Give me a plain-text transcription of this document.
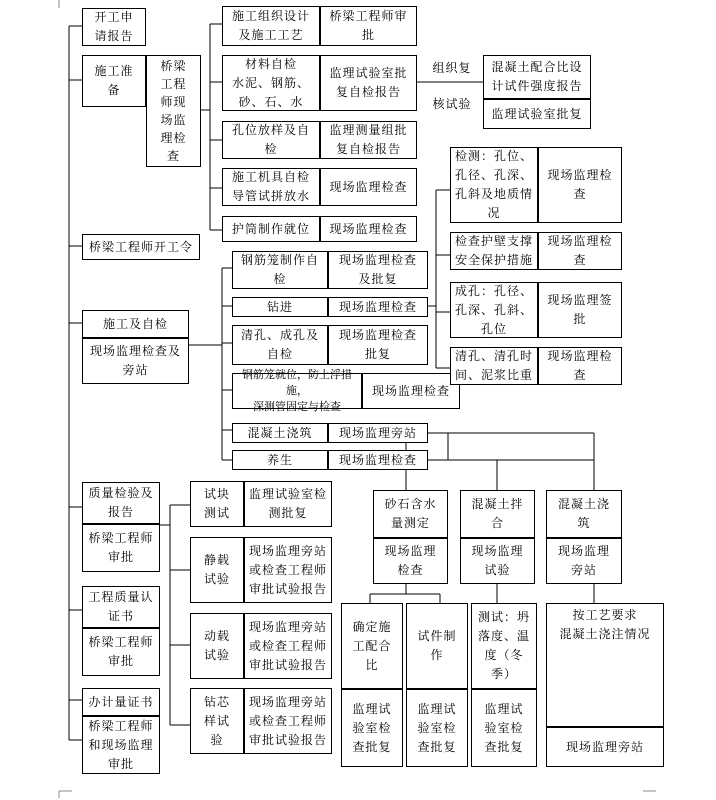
开工申
请报告
施工准
备
桥梁
工程
师现
场监
理检
查
桥梁工程师开工令
施工及自检
现场监理检查及
旁站
质量检验及
报告
桥梁工程师
审批
工程质量认
证书
桥梁工程师
审批
办计量证书
桥梁工程师
和现场监理
审批
施工组织设计
及施工工艺
桥梁工程师审
批
材料自检
水泥、钢筋、
砂、石、水
监理试验室批
复自检报告
组织复
核试验
混凝土配合比设
计试件强度报告
监理试验室批复
孔位放样及自
检
监理测量组批
复自检报告
施工机具自检
导管试拼放水
现场监理检查
护筒制作就位	现场监理检查
钢筋笼制作自
检
现场监理检查
及批复
钻进	现场监理检查
清孔、成孔及
自检
现场监理检查
批复
钢筋笼就位，防上浮措施，
深测管固定与检查
现场监理检查
混凝土浇筑	现场监理旁站
养生	现场监理检查
检测：孔位、
孔径、孔深、
孔斜及地质情
况
现场监理检
查
检查护壁支撑
安全保护措施
现场监理检
查
成孔：孔径、
孔深、孔斜、
孔位
现场监理签
批
清孔、清孔时
间、泥浆比重
现场监理检
查
试块
测试
监理试验室检
测批复
静载
试验
现场监理旁站
或检查工程师
审批试验报告
动载
试验
现场监理旁站
或检查工程师
审批试验报告
钻芯
样试
验
现场监理旁站
或检查工程师
审批试验报告
砂石含水
量测定
现场监理
检查
混凝土拌
合
现场监理
试验
混凝土浇
筑
现场监理
旁站
确定施
工配合
比
监理试
验室检
查批复
试件制
作
监理试
验室检
查批复
测试：坍
落度、温
度（冬
季）
监理试
验室检
查批复
按工艺要求
混凝土浇注情况
现场监理旁站
